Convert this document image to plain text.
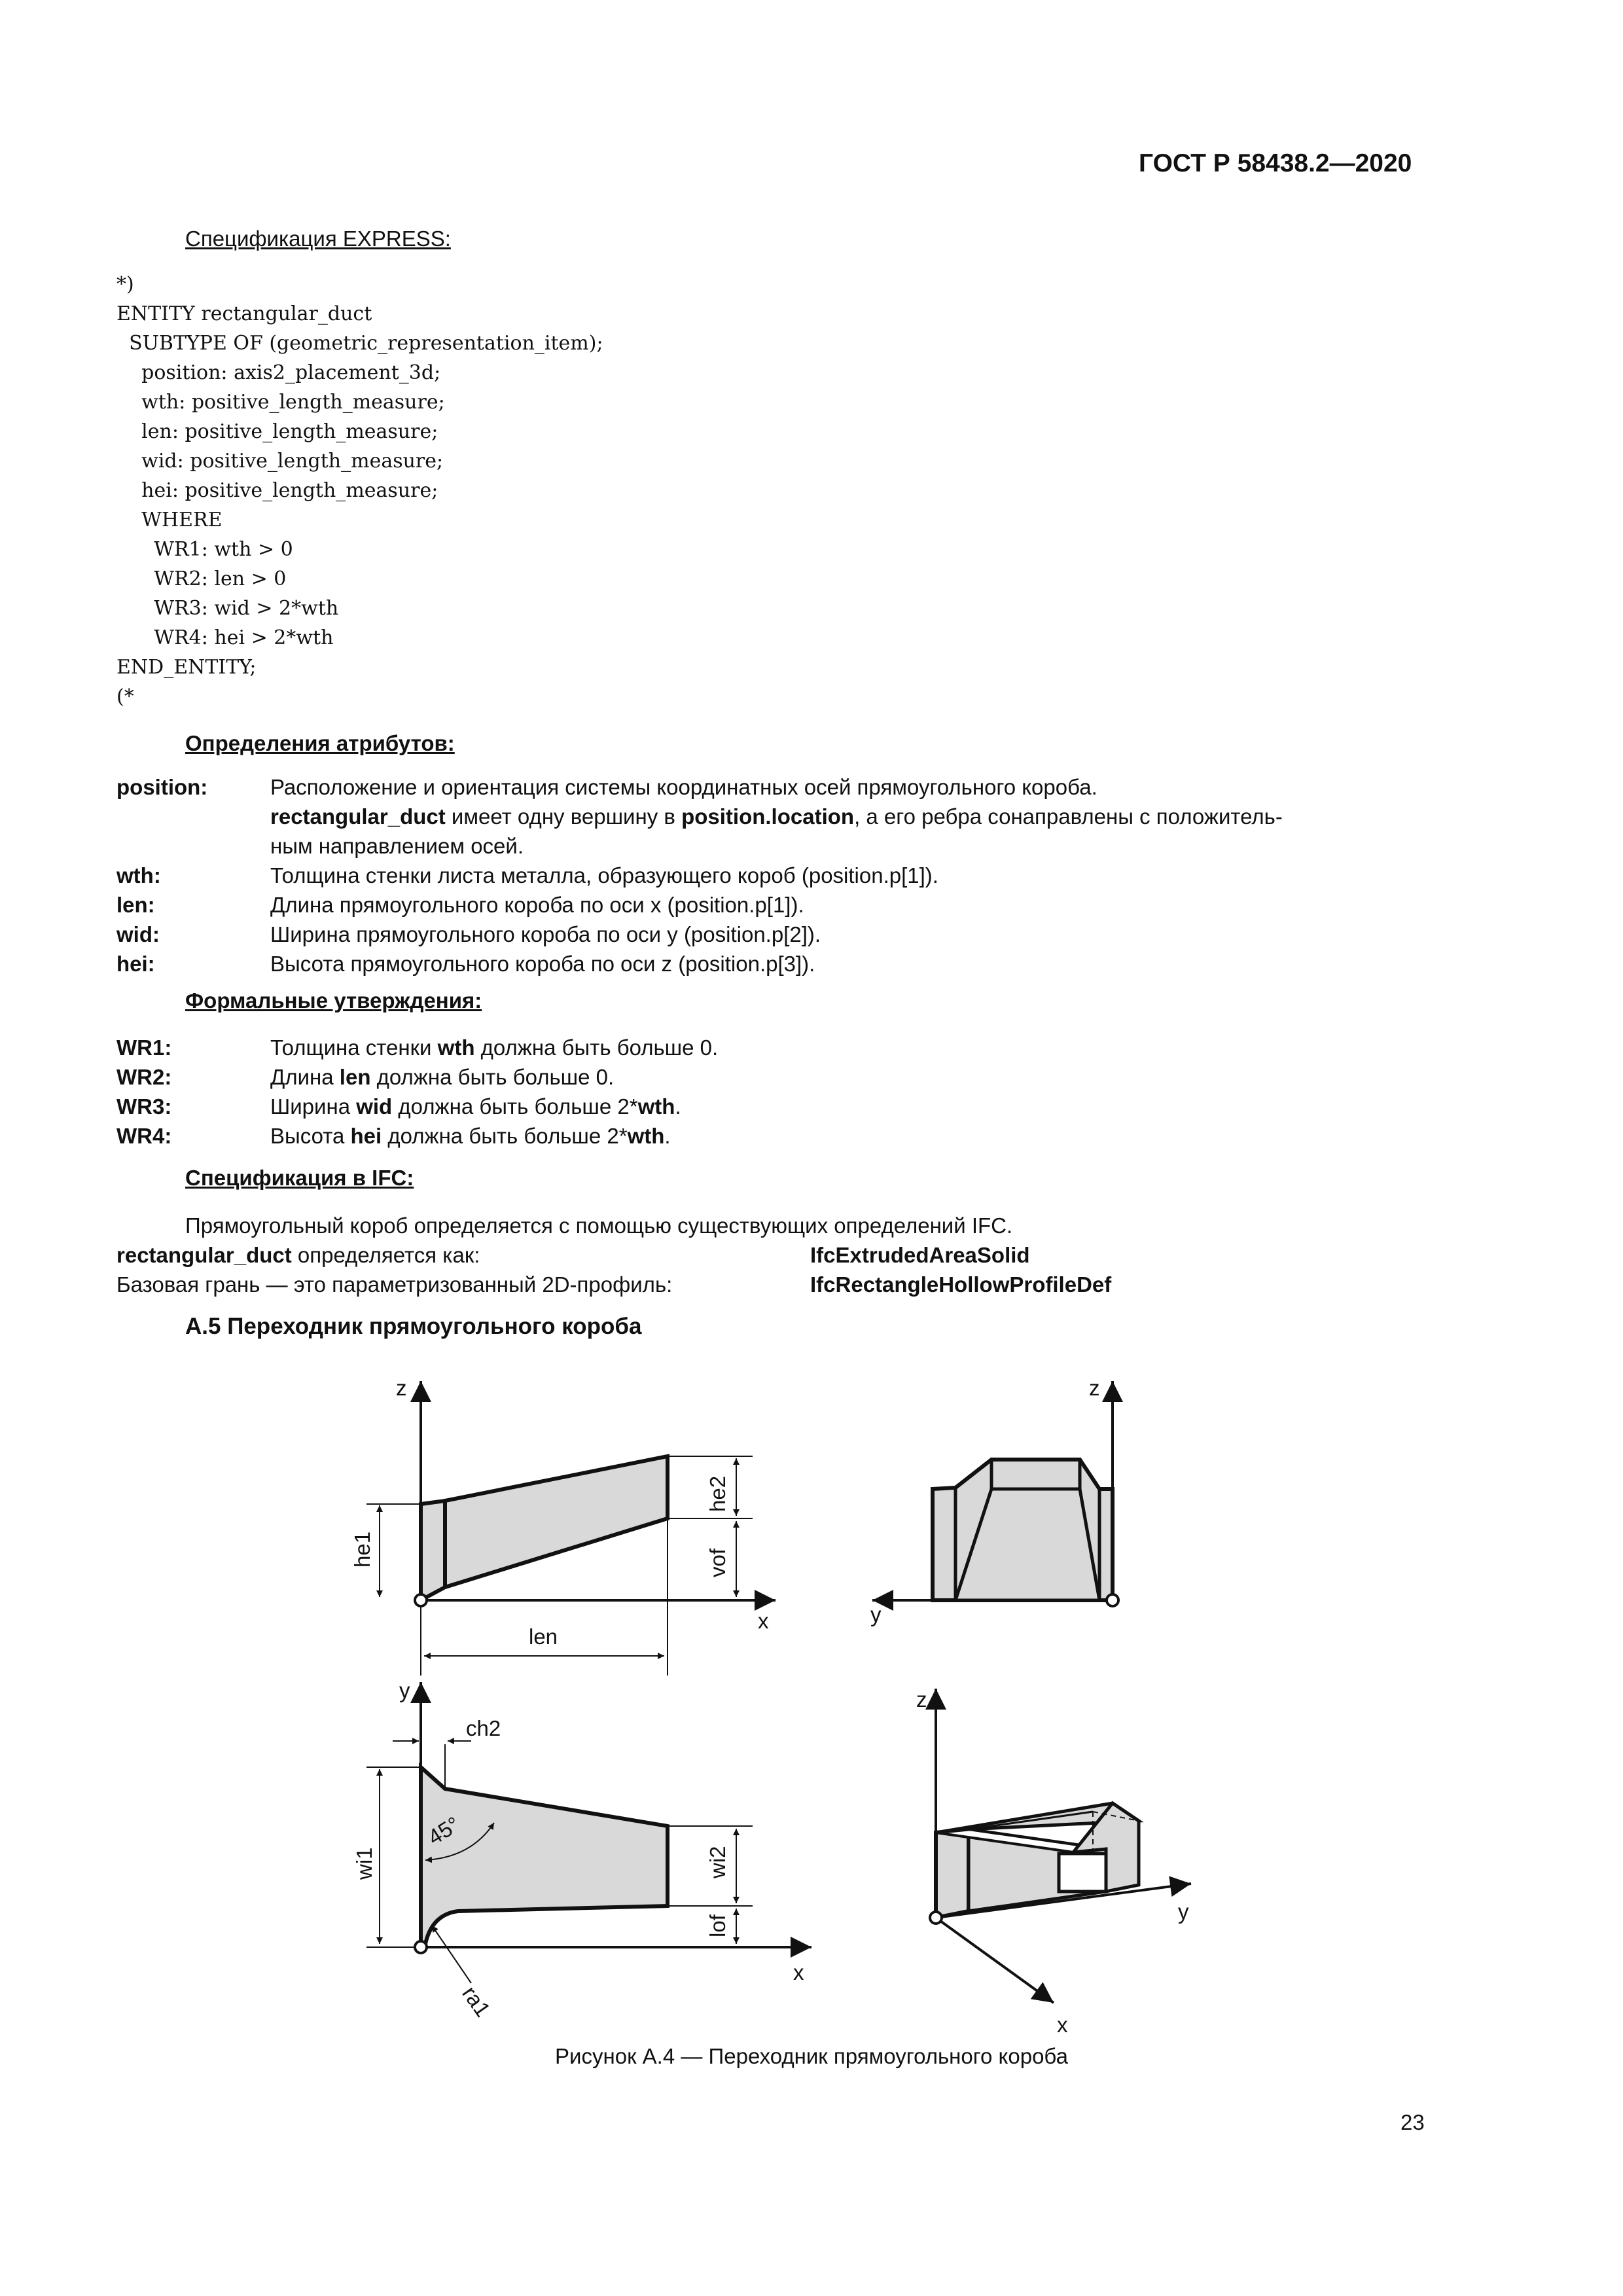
ГОСТ Р 58438.2—2020
Спецификация EXPRESS:
*)
ENTITY rectangular_duct
SUBTYPE OF (geometric_representation_item);
position: axis2_placement_3d;
wth: positive_length_measure;
len: positive_length_measure;
wid: positive_length_measure;
hei: positive_length_measure;
WHERE
WR1: wth > 0
WR2: len > 0
WR3: wid > 2*wth
WR4: hei > 2*wth
END_ENTITY;
(*
Определения атрибутов:
position:	Расположение и ориентация системы координатных осей прямоугольного короба.
rectangular_duct имеет одну вершину в position.location, а его ребра сонаправлены с положитель-
ным направлением осей.
wth:	Толщина стенки листа металла, образующего короб (position.p[1]).
len:	Длина прямоугольного короба по оси x (position.p[1]).
wid:	Ширина прямоугольного короба по оси y (position.p[2]).
hei:	Высота прямоугольного короба по оси z (position.p[3]).
Формальные утверждения:
WR1:	Толщина стенки wth должна быть больше 0.
WR2:	Длина len должна быть больше 0.
WR3:	Ширина wid должна быть больше 2*wth.
WR4:	Высота hei должна быть больше 2*wth.
Спецификация в IFC:
Прямоугольный короб определяется с помощью существующих определений IFC.
rectangular_duct определяется как:	IfcExtrudedAreaSolid
Базовая грань — это параметризованный 2D-профиль:	IfcRectangleHollowProfileDef
A.5 Переходник прямоугольного короба
z
x
he1
he2
vof
len
z
y
ch2
wi1
45°
wi2
lof
ra1
y
x
z
y
x
Рисунок A.4 — Переходник прямоугольного короба
23
